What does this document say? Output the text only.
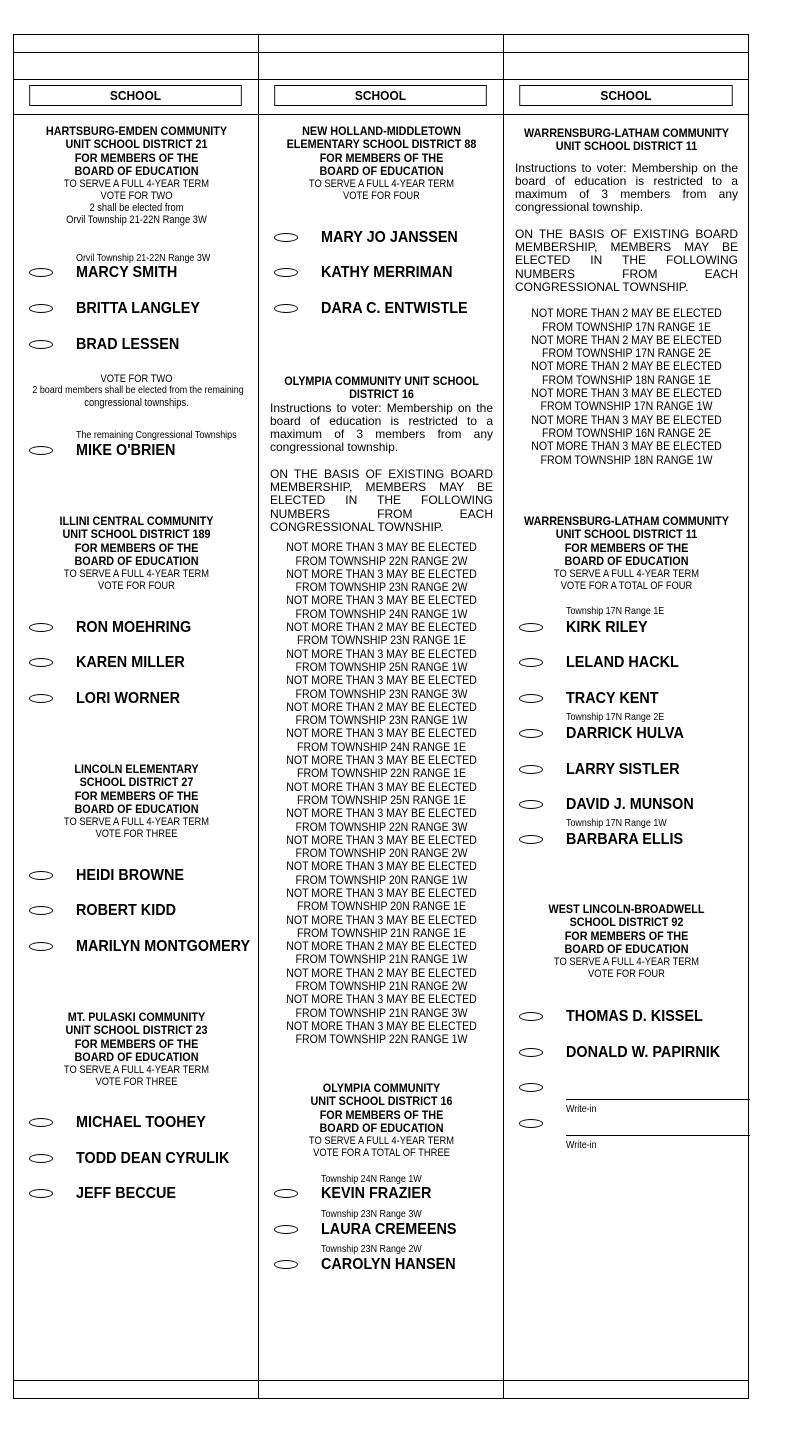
SCHOOL	SCHOOL	SCHOOL
HARTSBURG-EMDEN COMMUNITY
UNIT SCHOOL DISTRICT 21
FOR MEMBERS OF THE
BOARD OF EDUCATION
TO SERVE A FULL 4-YEAR TERM
VOTE FOR TWO
2 shall be elected from
Orvil Township 21-22N Range 3W
Orvil Township 21-22N Range 3W
MARCY SMITH
BRITTA LANGLEY
BRAD LESSEN
VOTE FOR TWO
2 board members shall be elected from the remaining
congressional townships.
The remaining Congressional Townships
MIKE O'BRIEN
ILLINI CENTRAL COMMUNITY
UNIT SCHOOL DISTRICT 189
FOR MEMBERS OF THE
BOARD OF EDUCATION
TO SERVE A FULL 4-YEAR TERM
VOTE FOR FOUR
RON MOEHRING
KAREN MILLER
LORI WORNER
LINCOLN ELEMENTARY
SCHOOL DISTRICT 27
FOR MEMBERS OF THE
BOARD OF EDUCATION
TO SERVE A FULL 4-YEAR TERM
VOTE FOR THREE
HEIDI BROWNE
ROBERT KIDD
MARILYN MONTGOMERY
MT. PULASKI COMMUNITY
UNIT SCHOOL DISTRICT 23
FOR MEMBERS OF THE
BOARD OF EDUCATION
TO SERVE A FULL 4-YEAR TERM
VOTE FOR THREE
MICHAEL TOOHEY
TODD DEAN CYRULIK
JEFF BECCUE
NEW HOLLAND-MIDDLETOWN
ELEMENTARY SCHOOL DISTRICT 88
FOR MEMBERS OF THE
BOARD OF EDUCATION
TO SERVE A FULL 4-YEAR TERM
VOTE FOR FOUR
MARY JO JANSSEN
KATHY MERRIMAN
DARA C. ENTWISTLE
OLYMPIA COMMUNITY UNIT SCHOOL
DISTRICT 16

Instructions to voter: Membership on the board of education is restricted to a maximum of 3 members from any congressional township.

ON THE BASIS OF EXISTING BOARD MEMBERSHIP, MEMBERS MAY BE ELECTED IN THE FOLLOWING NUMBERS FROM EACH CONGRESSIONAL TOWNSHIP.

NOT MORE THAN 3 MAY BE ELECTED
FROM TOWNSHIP 22N RANGE 2W
NOT MORE THAN 3 MAY BE ELECTED
FROM TOWNSHIP 23N RANGE 2W
NOT MORE THAN 3 MAY BE ELECTED
FROM TOWNSHIP 24N RANGE 1W
NOT MORE THAN 2 MAY BE ELECTED
FROM TOWNSHIP 23N RANGE 1E
NOT MORE THAN 3 MAY BE ELECTED
FROM TOWNSHIP 25N RANGE 1W
NOT MORE THAN 3 MAY BE ELECTED
FROM TOWNSHIP 23N RANGE 3W
NOT MORE THAN 2 MAY BE ELECTED
FROM TOWNSHIP 23N RANGE 1W
NOT MORE THAN 3 MAY BE ELECTED
FROM TOWNSHIP 24N RANGE 1E
NOT MORE THAN 3 MAY BE ELECTED
FROM TOWNSHIP 22N RANGE 1E
NOT MORE THAN 3 MAY BE ELECTED
FROM TOWNSHIP 25N RANGE 1E
NOT MORE THAN 3 MAY BE ELECTED
FROM TOWNSHIP 22N RANGE 3W
NOT MORE THAN 3 MAY BE ELECTED
FROM TOWNSHIP 20N RANGE 2W
NOT MORE THAN 3 MAY BE ELECTED
FROM TOWNSHIP 20N RANGE 1W
NOT MORE THAN 3 MAY BE ELECTED
FROM TOWNSHIP 20N RANGE 1E
NOT MORE THAN 3 MAY BE ELECTED
FROM TOWNSHIP 21N RANGE 1E
NOT MORE THAN 2 MAY BE ELECTED
FROM TOWNSHIP 21N RANGE 1W
NOT MORE THAN 2 MAY BE ELECTED
FROM TOWNSHIP 21N RANGE 2W
NOT MORE THAN 3 MAY BE ELECTED
FROM TOWNSHIP 21N RANGE 3W
NOT MORE THAN 3 MAY BE ELECTED
FROM TOWNSHIP 22N RANGE 1W
OLYMPIA COMMUNITY
UNIT SCHOOL DISTRICT 16
FOR MEMBERS OF THE
BOARD OF EDUCATION
TO SERVE A FULL 4-YEAR TERM
VOTE FOR A TOTAL OF THREE
Township 24N Range 1W
KEVIN FRAZIER
Township 23N Range 3W
LAURA CREMEENS
Township 23N Range 2W
CAROLYN HANSEN
WARRENSBURG-LATHAM COMMUNITY
UNIT SCHOOL DISTRICT 11

Instructions to voter: Membership on the board of education is restricted to a maximum of 3 members from any congressional township.

ON THE BASIS OF EXISTING BOARD MEMBERSHIP, MEMBERS MAY BE ELECTED IN THE FOLLOWING NUMBERS FROM EACH CONGRESSIONAL TOWNSHIP.

NOT MORE THAN 2 MAY BE ELECTED
FROM TOWNSHIP 17N RANGE 1E
NOT MORE THAN 2 MAY BE ELECTED
FROM TOWNSHIP 17N RANGE 2E
NOT MORE THAN 2 MAY BE ELECTED
FROM TOWNSHIP 18N RANGE 1E
NOT MORE THAN 3 MAY BE ELECTED
FROM TOWNSHIP 17N RANGE 1W
NOT MORE THAN 3 MAY BE ELECTED
FROM TOWNSHIP 16N RANGE 2E
NOT MORE THAN 3 MAY BE ELECTED
FROM TOWNSHIP 18N RANGE 1W
WARRENSBURG-LATHAM COMMUNITY
UNIT SCHOOL DISTRICT 11
FOR MEMBERS OF THE
BOARD OF EDUCATION
TO SERVE A FULL 4-YEAR TERM
VOTE FOR A TOTAL OF FOUR
Township 17N Range 1E
KIRK RILEY
LELAND HACKL
TRACY KENT
Township 17N Range 2E
DARRICK HULVA
LARRY SISTLER
DAVID J. MUNSON
Township 17N Range 1W
BARBARA ELLIS
WEST LINCOLN-BROADWELL
SCHOOL DISTRICT 92
FOR MEMBERS OF THE
BOARD OF EDUCATION
TO SERVE A FULL 4-YEAR TERM
VOTE FOR FOUR
THOMAS D. KISSEL
DONALD W. PAPIRNIK
Write-in
Write-in
